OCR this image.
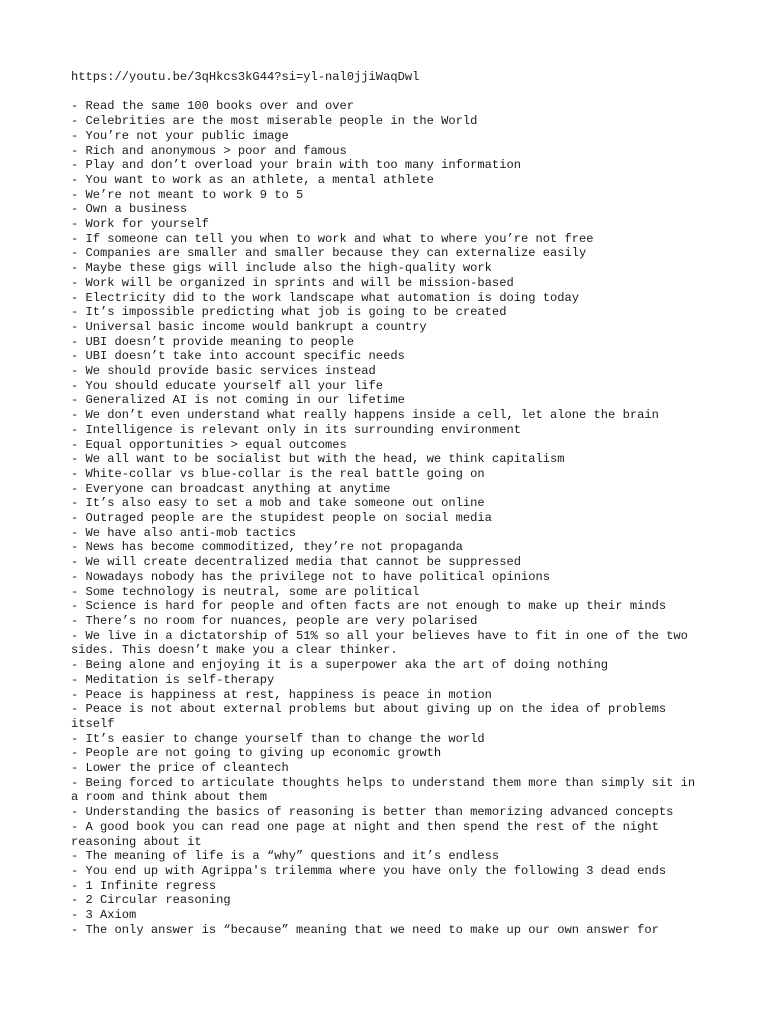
https://youtu.be/3qHkcs3kG44?si=yl-nal0jjiWaqDwl
- Read the same 100 books over and over
- Celebrities are the most miserable people in the World
- You’re not your public image
- Rich and anonymous > poor and famous
- Play and don’t overload your brain with too many information
- You want to work as an athlete, a mental athlete
- We’re not meant to work 9 to 5
- Own a business
- Work for yourself
- If someone can tell you when to work and what to where you’re not free
- Companies are smaller and smaller because they can externalize easily
- Maybe these gigs will include also the high-quality work
- Work will be organized in sprints and will be mission-based
- Electricity did to the work landscape what automation is doing today
- It’s impossible predicting what job is going to be created
- Universal basic income would bankrupt a country
- UBI doesn’t provide meaning to people
- UBI doesn’t take into account specific needs
- We should provide basic services instead
- You should educate yourself all your life
- Generalized AI is not coming in our lifetime
- We don’t even understand what really happens inside a cell, let alone the brain
- Intelligence is relevant only in its surrounding environment
- Equal opportunities > equal outcomes
- We all want to be socialist but with the head, we think capitalism
- White-collar vs blue-collar is the real battle going on
- Everyone can broadcast anything at anytime
- It’s also easy to set a mob and take someone out online
- Outraged people are the stupidest people on social media
- We have also anti-mob tactics
- News has become commoditized, they’re not propaganda
- We will create decentralized media that cannot be suppressed
- Nowadays nobody has the privilege not to have political opinions
- Some technology is neutral, some are political
- Science is hard for people and often facts are not enough to make up their minds
- There’s no room for nuances, people are very polarised
- We live in a dictatorship of 51% so all your believes have to fit in one of the two sides. This doesn’t make you a clear thinker.
- Being alone and enjoying it is a superpower aka the art of doing nothing
- Meditation is self-therapy
- Peace is happiness at rest, happiness is peace in motion
- Peace is not about external problems but about giving up on the idea of problems itself
- It’s easier to change yourself than to change the world
- People are not going to giving up economic growth
- Lower the price of cleantech
- Being forced to articulate thoughts helps to understand them more than simply sit in a room and think about them
- Understanding the basics of reasoning is better than memorizing advanced concepts
- A good book you can read one page at night and then spend the rest of the night reasoning about it
- The meaning of life is a “why” questions and it’s endless
- You end up with Agrippa's trilemma where you have only the following 3 dead ends
- 1 Infinite regress
- 2 Circular reasoning
- 3 Axiom
- The only answer is “because” meaning that we need to make up our own answer for
